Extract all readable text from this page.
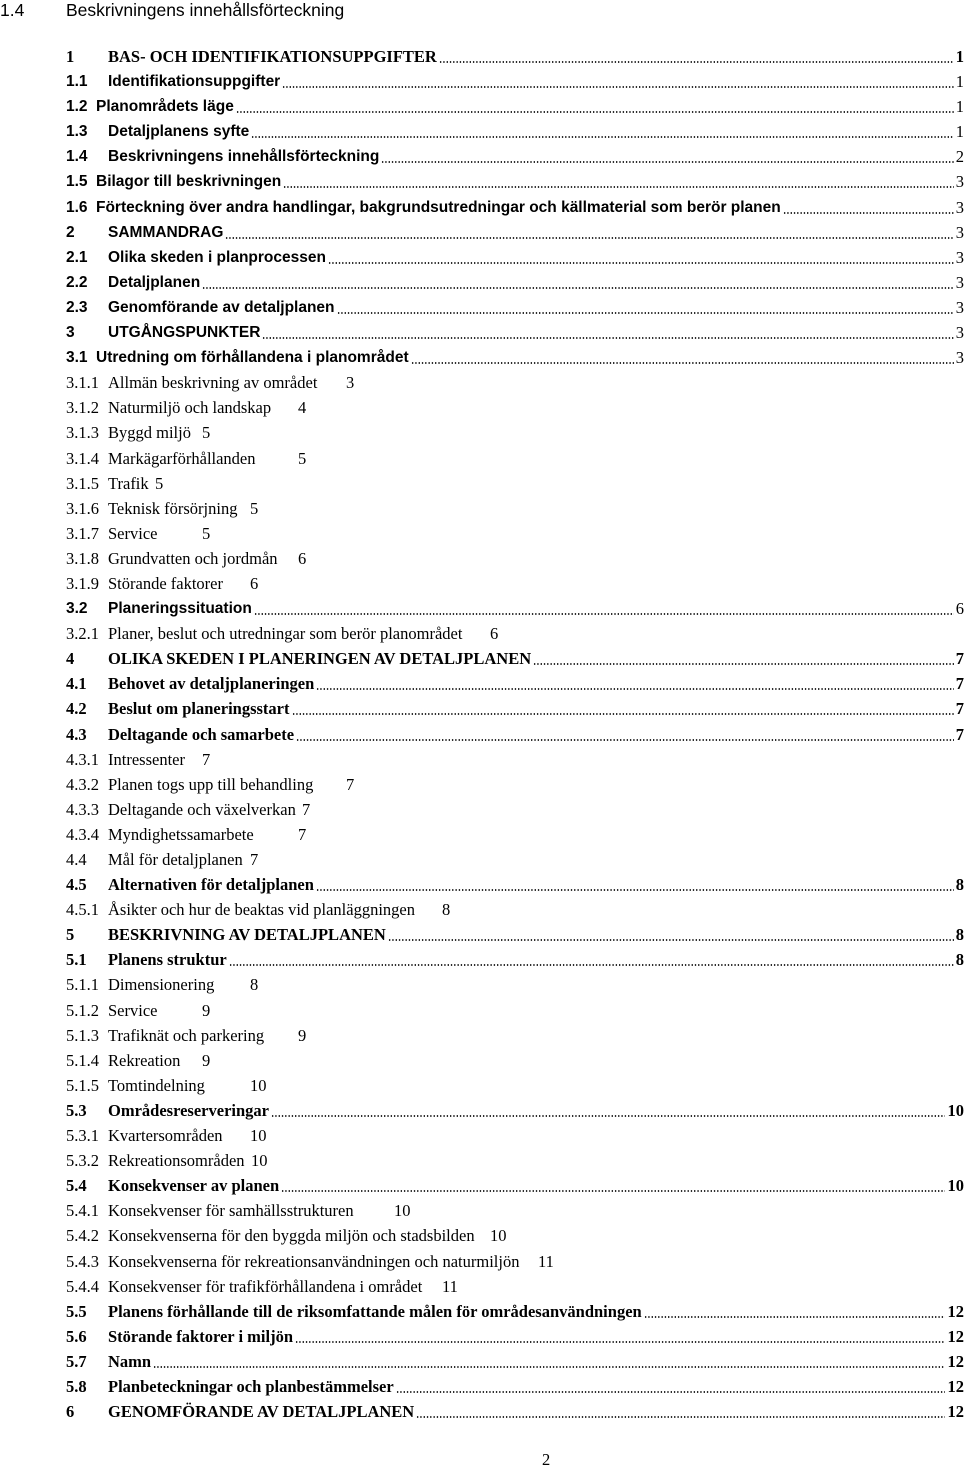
1.4 Beskrivningens innehållsförteckning
1 BAS- OCH IDENTIFIKATIONSUPPGIFTER	1
1.1 Identifikationsuppgifter	1
1.2 Planområdets läge	1
1.3 Detaljplanens syfte	1
1.4 Beskrivningens innehållsförteckning	2
1.5 Bilagor till beskrivningen	3
1.6 Förteckning över andra handlingar, bakgrundsutredningar och källmaterial som berör planen	3
2 SAMMANDRAG	3
2.1 Olika skeden i planprocessen	3
2.2 Detaljplanen	3
2.3 Genomförande av detaljplanen	3
3 UTGÅNGSPUNKTER	3
3.1 Utredning om förhållandena i planområdet	3
3.1.1 Allmän beskrivning av området 3
3.1.2 Naturmiljö och landskap 4
3.1.3 Byggd miljö 5
3.1.4 Markägarförhållanden	5
3.1.5 Trafik 5
3.1.6 Teknisk försörjning 5
3.1.7 Service	5
3.1.8 Grundvatten och jordmån 6
3.1.9 Störande faktorer 6
3.2 Planeringssituation	6
3.2.1 Planer, beslut och utredningar som berör planområdet 6
4 OLIKA SKEDEN I PLANERINGEN AV DETALJPLANEN	7
4.1 Behovet av detaljplaneringen	7
4.2 Beslut om planeringsstart	7
4.3 Deltagande och samarbete	7
4.3.1 Intressenter 7
4.3.2 Planen togs upp till behandling 7
4.3.3 Deltagande och växelverkan 7
4.3.4 Myndighetssamarbete	7
4.4 Mål för detaljplanen 7
4.5 Alternativen för detaljplanen	8
4.5.1 Åsikter och hur de beaktas vid planläggningen 8
5 BESKRIVNING AV DETALJPLANEN	8
5.1 Planens struktur	8
5.1.1 Dimensionering 8
5.1.2 Service	9
5.1.3 Trafiknät och parkering 9
5.1.4 Rekreation 9
5.1.5 Tomtindelning	10
5.3 Områdesreserveringar	10
5.3.1 Kvartersområden 10
5.3.2 Rekreationsområden 10
5.4 Konsekvenser av planen	10
5.4.1 Konsekvenser för samhällsstrukturen 10
5.4.2 Konsekvenserna för den byggda miljön och stadsbilden 10
5.4.3 Konsekvenserna för rekreationsanvändningen och naturmiljön 11
5.4.4 Konsekvenser för trafikförhållandena i området 11
5.5 Planens förhållande till de riksomfattande målen för områdesanvändningen	12
5.6 Störande faktorer i miljön	12
5.7 Namn	12
5.8 Planbeteckningar och planbestämmelser	12
6 GENOMFÖRANDE AV DETALJPLANEN	12
2
